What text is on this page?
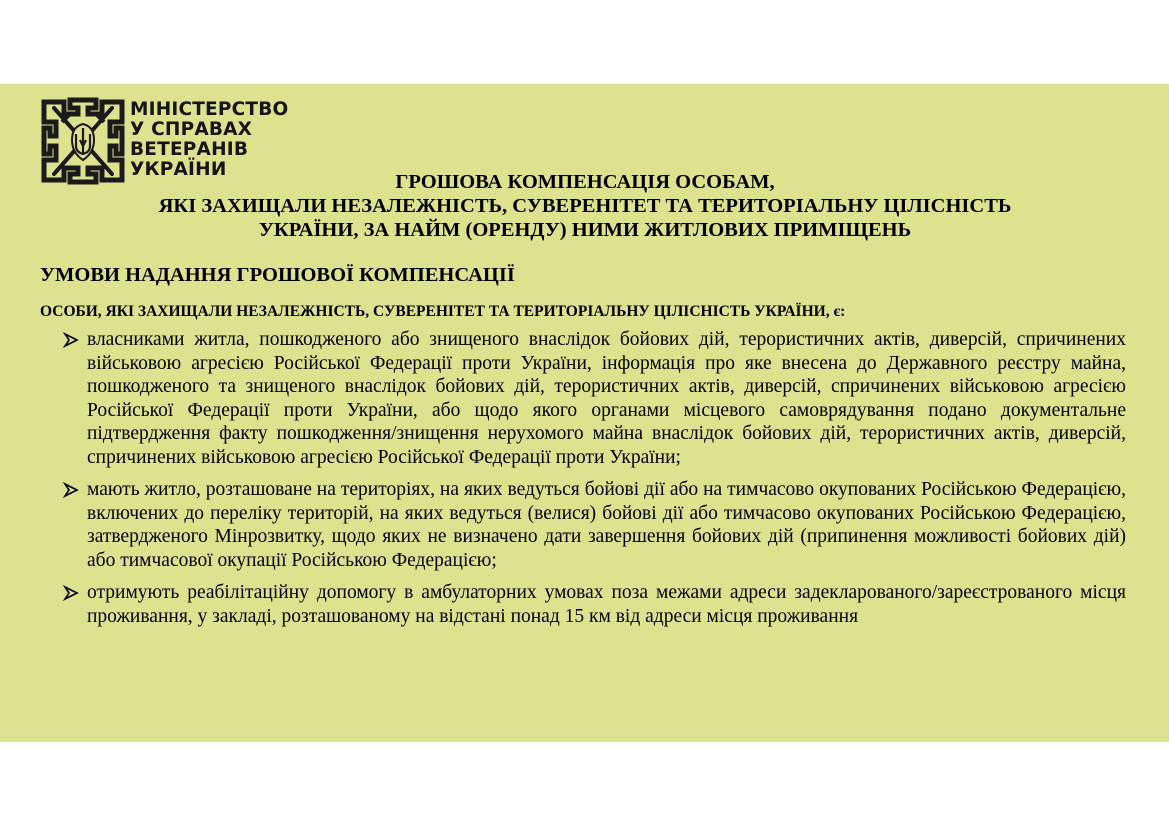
МІНІСТЕРСТВО
У СПРАВАХ
ВЕТЕРАНІВ
УКРАЇНИ
ГРОШОВА КОМПЕНСАЦІЯ ОСОБАМ,
ЯКІ ЗАХИЩАЛИ НЕЗАЛЕЖНІСТЬ, СУВЕРЕНІТЕТ ТА ТЕРИТОРІАЛЬНУ ЦІЛІСНІСТЬ
УКРАЇНИ, ЗА НАЙМ (ОРЕНДУ) НИМИ ЖИТЛОВИХ ПРИМІЩЕНЬ
УМОВИ НАДАННЯ ГРОШОВОЇ КОМПЕНСАЦІЇ
ОСОБИ, ЯКІ ЗАХИЩАЛИ НЕЗАЛЕЖНІСТЬ, СУВЕРЕНІТЕТ ТА ТЕРИТОРІАЛЬНУ ЦІЛІСНІСТЬ УКРАЇНИ, є:
власниками житла, пошкодженого або знищеного внаслідок бойових дій, терористичних актів, диверсій, спричинених військовою агресією Російської Федерації проти України, інформація про яке внесена до Державного реєстру майна, пошкодженого та знищеного внаслідок бойових дій, терористичних актів, диверсій, спричинених військовою агресією Російської Федерації проти України, або щодо якого органами місцевого самоврядування подано документальне підтвердження факту пошкодження/знищення нерухомого майна внаслідок бойових дій, терористичних актів, диверсій, спричинених військовою агресією Російської Федерації проти України;
мають житло, розташоване на територіях, на яких ведуться бойові дії або на тимчасово окупованих Російською Федерацією, включених до переліку територій, на яких ведуться (велися) бойові дії або тимчасово окупованих Російською Федерацією, затвердженого Мінрозвитку, щодо яких не визначено дати завершення бойових дій (припинення можливості бойових дій) або тимчасової окупації Російською Федерацією;
отримують реабілітаційну допомогу в амбулаторних умовах поза межами адреси задекларованого/зареєстрованого місця проживання, у закладі, розташованому на відстані понад 15 км від адреси місця проживання
